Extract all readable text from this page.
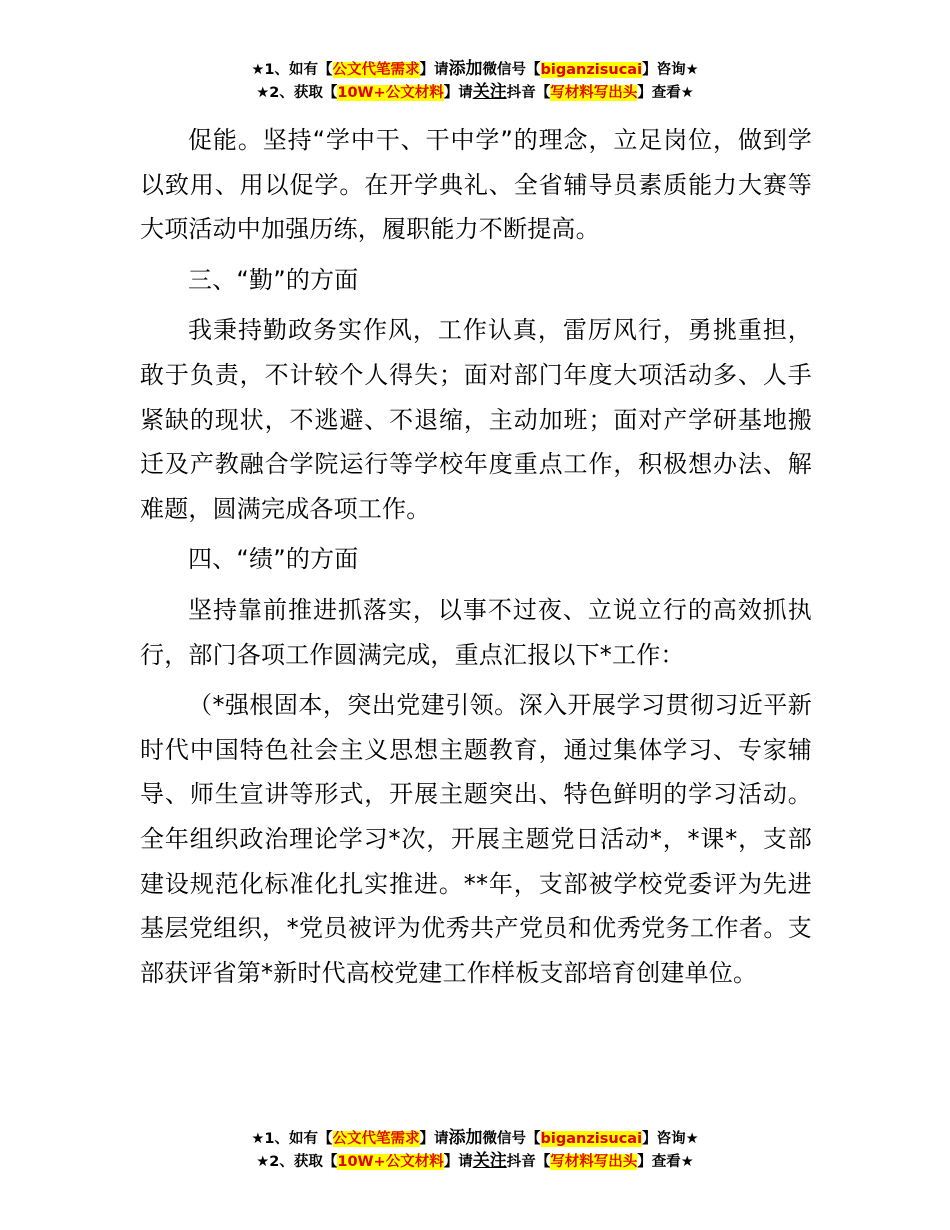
★1、如有【公文代笔需求】请添加微信号【biganzisucai】咨询★
★2、获取【10W+公文材料】请关注抖音【写材料写出头】查看★

促能。坚持“学中干、干中学”的理念，立足岗位，做到学以致用、用以促学。在开学典礼、全省辅导员素质能力大赛等大项活动中加强历练，履职能力不断提高。

三、“勤”的方面

我秉持勤政务实作风，工作认真，雷厉风行，勇挑重担，敢于负责，不计较个人得失；面对部门年度大项活动多、人手紧缺的现状，不逃避、不退缩，主动加班；面对产学研基地搬迁及产教融合学院运行等学校年度重点工作，积极想办法、解难题，圆满完成各项工作。

四、“绩”的方面

坚持靠前推进抓落实，以事不过夜、立说立行的高效抓执行，部门各项工作圆满完成，重点汇报以下*工作：

（*强根固本，突出党建引领。深入开展学习贯彻习近平新时代中国特色社会主义思想主题教育，通过集体学习、专家辅导、师生宣讲等形式，开展主题突出、特色鲜明的学习活动。全年组织政治理论学习*次，开展主题党日活动*，*课*，支部建设规范化标准化扎实推进。**年，支部被学校党委评为先进基层党组织，*党员被评为优秀共产党员和优秀党务工作者。支部获评省第*新时代高校党建工作样板支部培育创建单位。

★1、如有【公文代笔需求】请添加微信号【biganzisucai】咨询★
★2、获取【10W+公文材料】请关注抖音【写材料写出头】查看★
